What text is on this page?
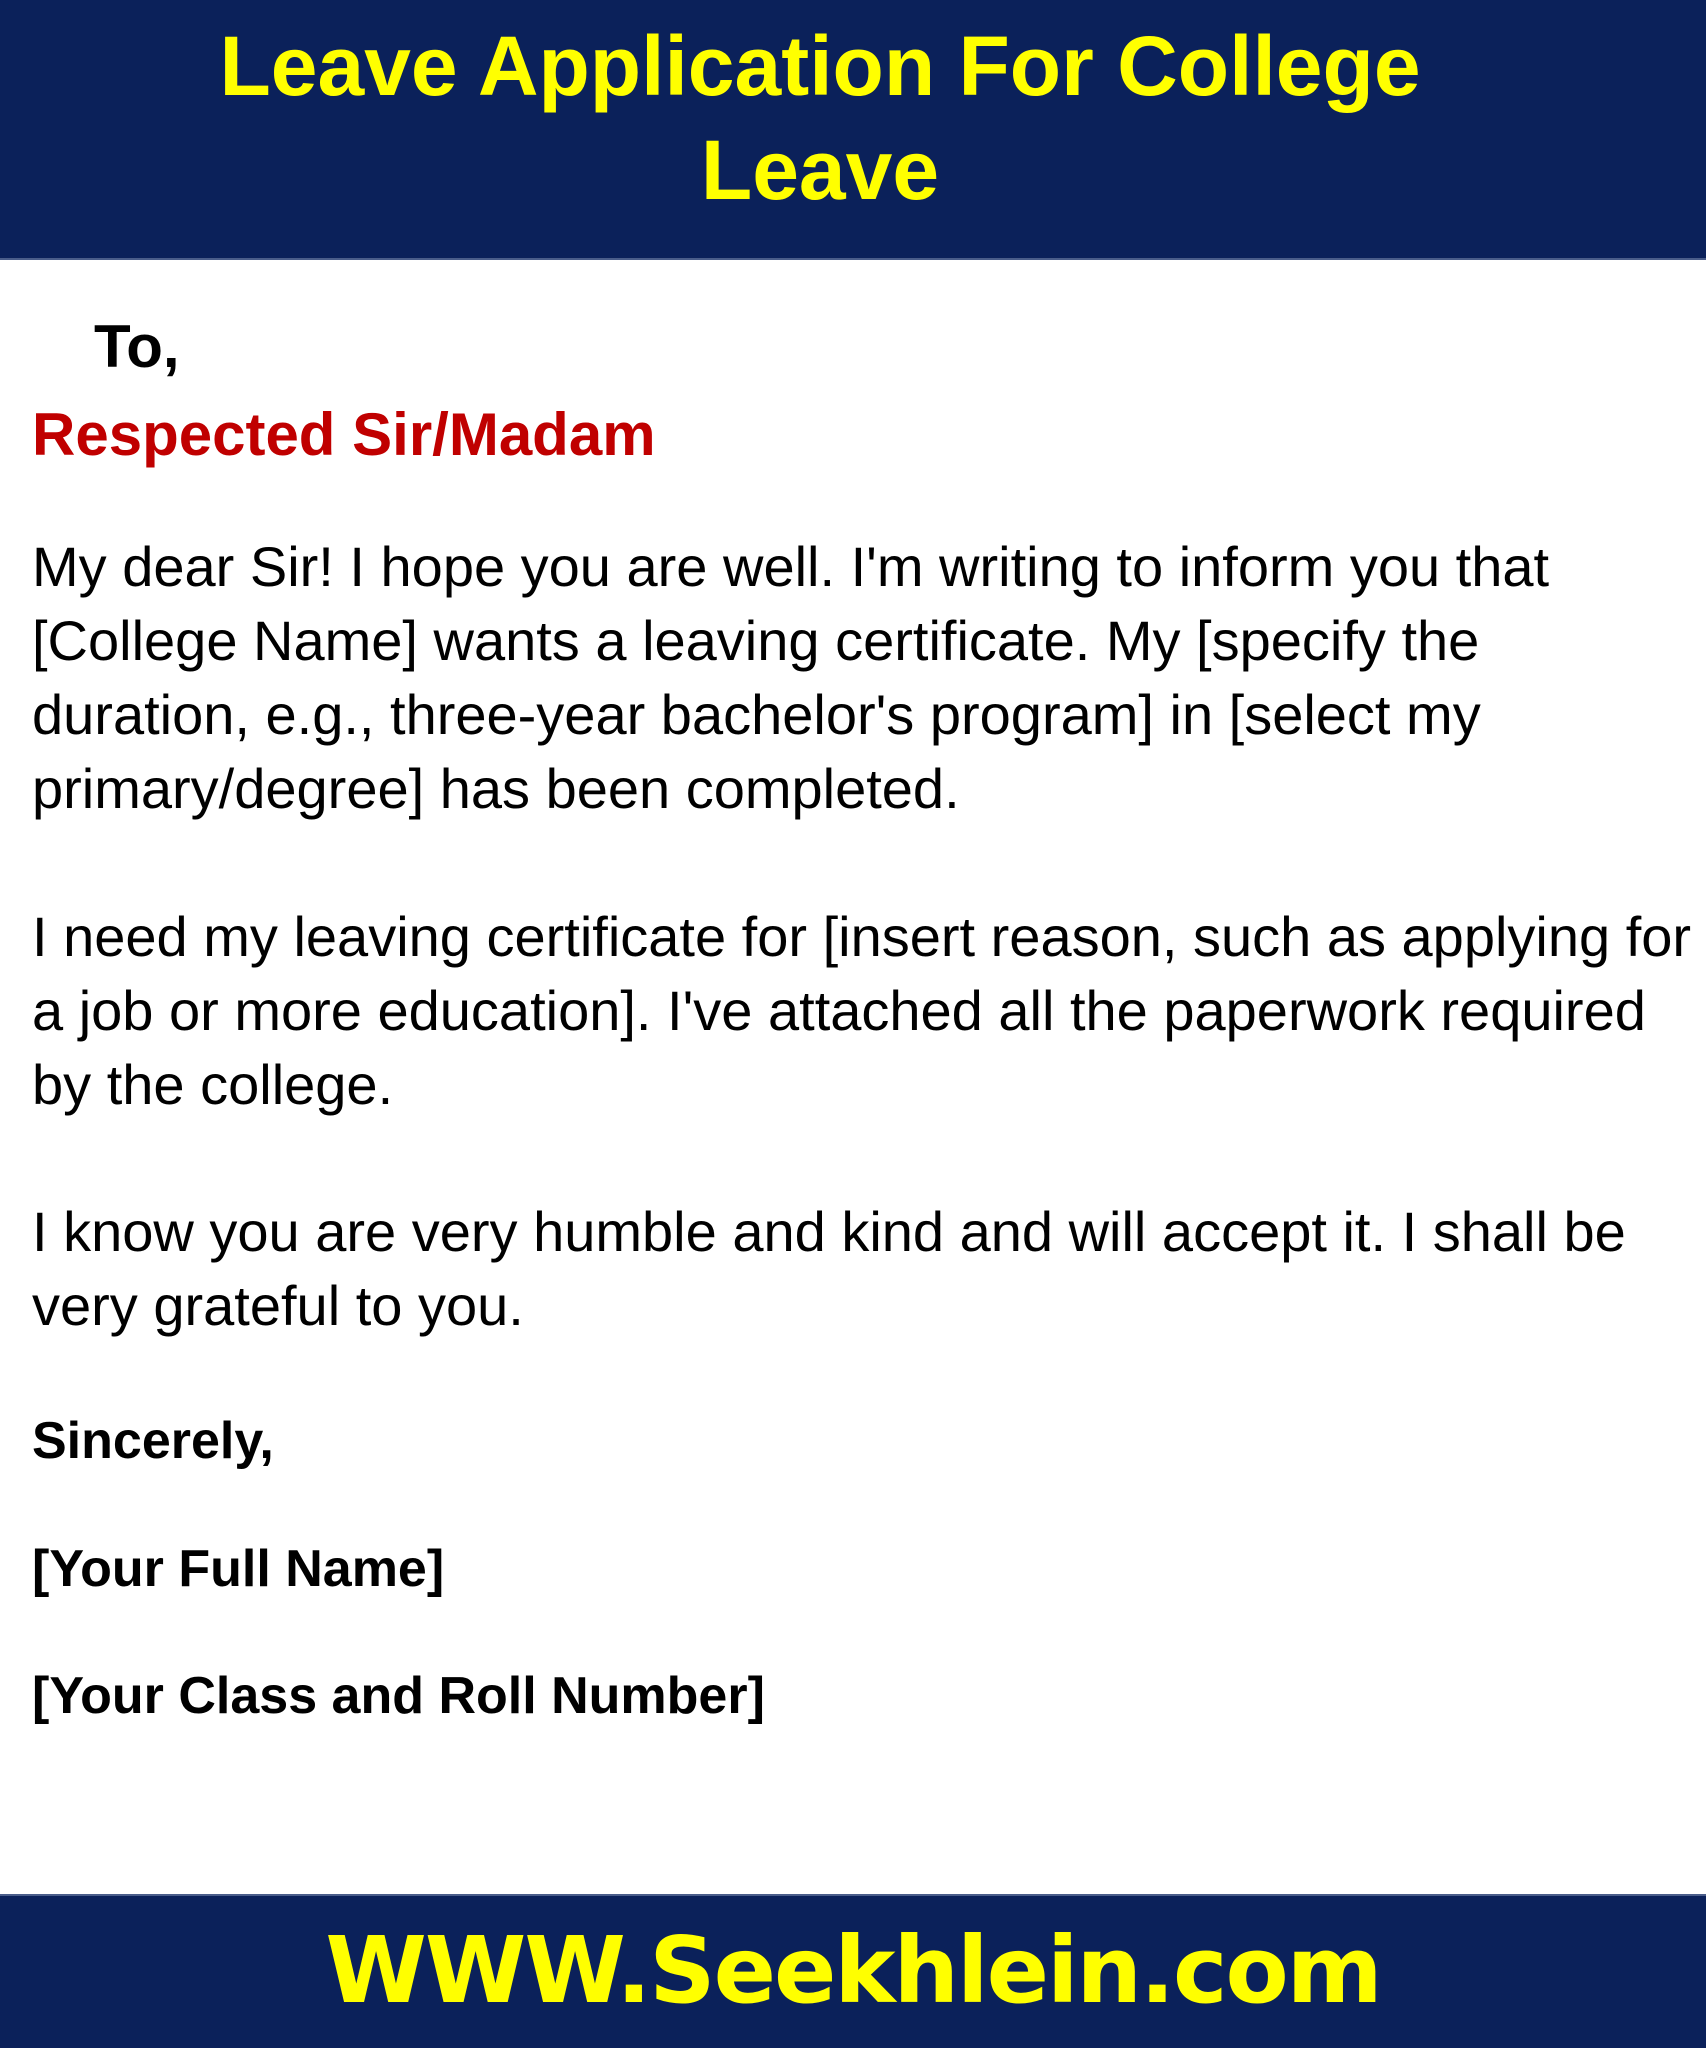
Leave Application For College
Leave
To,
Respected Sir/Madam
My dear Sir! I hope you are well. I'm writing to inform you that [College Name] wants a leaving certificate. My [specify the duration, e.g., three-year bachelor's program] in [select my primary/degree] has been completed.
I need my leaving certificate for [insert reason, such as applying for a job or more education]. I've attached all the paperwork required by the college.
I know you are very humble and kind and will accept it. I shall be very grateful to you.
Sincerely,
[Your Full Name]
[Your Class and Roll Number]
WWW.Seekhlein.com
